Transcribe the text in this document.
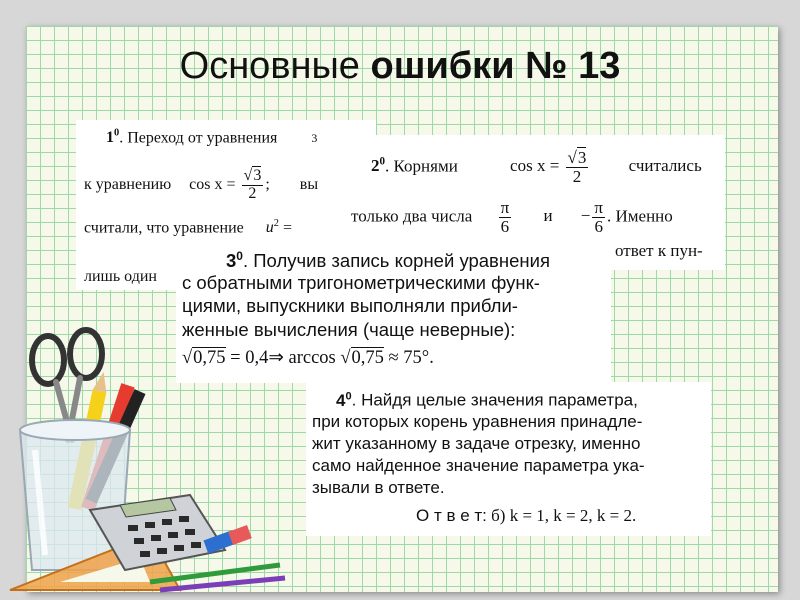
Основные ошибки № 13
$1^0$. Переход от уравнения	3
к уравнению $\cos x = \frac{√3}{2}$ ; вы
считали, что уравнение $u^2$ =
лишь один
$2^0$. Корнями	$\cos x = \frac{√3}{2}$ считались
только два числа $\frac{\pi}{6}$ $и - \frac{\pi}{6}$ . Именно
ответ к пун-
$3^0$. Получив запись корней уравнения
с обратными тригонометрическими функ-
циями, выпускники выполняли прибли-
женные вычисления (чаще неверные):
√0,75 = 0,4⇒ arccos √0,75 ≈ 75°.
$4^0$. Найдя целые значения параметра,
при которых корень уравнения принадле-
жит указанному в задаче отрезку, именно
само найденное значение параметра ука-
зывали в ответе.
О т в е т: б) k = 1, k = 2, k = 2.
